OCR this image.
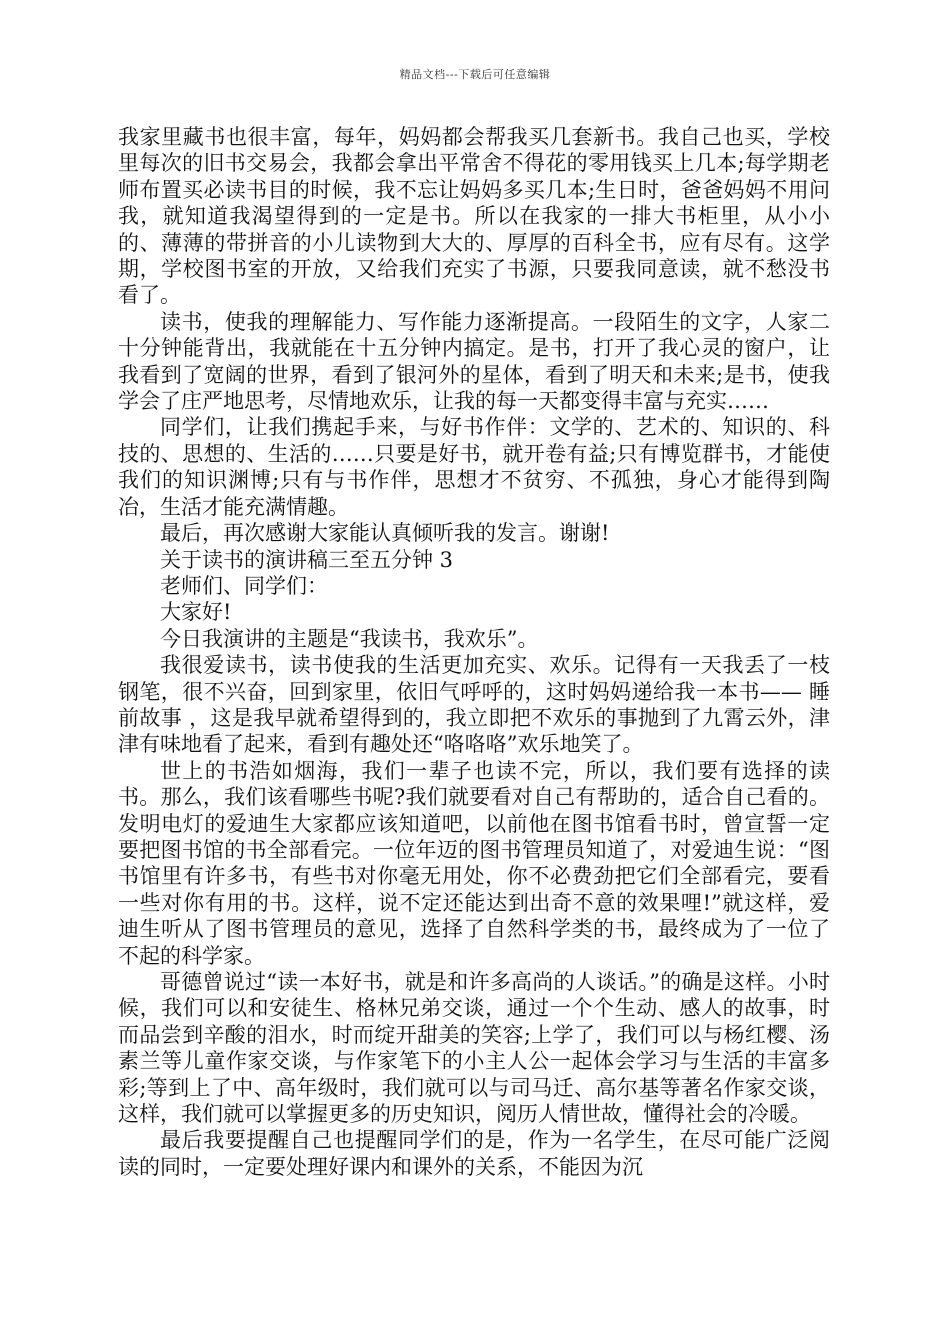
精品文档---下载后可任意编辑

我家里藏书也很丰富，每年，妈妈都会帮我买几套新书。我自己也买，学校里每次的旧书交易会，我都会拿出平常舍不得花的零用钱买上几本;每学期老师布置买必读书目的时候，我不忘让妈妈多买几本;生日时，爸爸妈妈不用问我，就知道我渴望得到的一定是书。所以在我家的一排大书柜里，从小小的、薄薄的带拼音的小儿读物到大大的、厚厚的百科全书，应有尽有。这学期，学校图书室的开放，又给我们充实了书源，只要我同意读，就不愁没书看了。

读书，使我的理解能力、写作能力逐渐提高。一段陌生的文字，人家二十分钟能背出，我就能在十五分钟内搞定。是书，打开了我心灵的窗户，让我看到了宽阔的世界，看到了银河外的星体，看到了明天和未来;是书，使我学会了庄严地思考，尽情地欢乐，让我的每一天都变得丰富与充实……

同学们，让我们携起手来，与好书作伴：文学的、艺术的、知识的、科技的、思想的、生活的……只要是好书，就开卷有益;只有博览群书，才能使我们的知识渊博;只有与书作伴，思想才不贫穷、不孤独，身心才能得到陶冶，生活才能充满情趣。

最后，再次感谢大家能认真倾听我的发言。谢谢!

关于读书的演讲稿三至五分钟 3

老师们、同学们：

大家好!

今日我演讲的主题是“我读书，我欢乐”。

我很爱读书，读书使我的生活更加充实、欢乐。记得有一天我丢了一枝钢笔，很不兴奋，回到家里，依旧气呼呼的，这时妈妈递给我一本书—— 睡前故事 ，这是我早就希望得到的，我立即把不欢乐的事抛到了九霄云外，津津有味地看了起来，看到有趣处还“咯咯咯”欢乐地笑了。

世上的书浩如烟海，我们一辈子也读不完，所以，我们要有选择的读书。那么，我们该看哪些书呢?我们就要看对自己有帮助的，适合自己看的。发明电灯的爱迪生大家都应该知道吧，以前他在图书馆看书时，曾宣誓一定要把图书馆的书全部看完。一位年迈的图书管理员知道了，对爱迪生说：“图书馆里有许多书，有些书对你毫无用处，你不必费劲把它们全部看完，要看一些对你有用的书。这样，说不定还能达到出奇不意的效果哩!”就这样，爱迪生听从了图书管理员的意见，选择了自然科学类的书，最终成为了一位了不起的科学家。

哥德曾说过“读一本好书，就是和许多高尚的人谈话。”的确是这样。小时候，我们可以和安徒生、格林兄弟交谈，通过一个个生动、感人的故事，时而品尝到辛酸的泪水，时而绽开甜美的笑容;上学了，我们可以与杨红樱、汤素兰等儿童作家交谈，与作家笔下的小主人公一起体会学习与生活的丰富多彩;等到上了中、高年级时，我们就可以与司马迁、高尔基等著名作家交谈，这样，我们就可以掌握更多的历史知识，阅历人情世故，懂得社会的冷暖。

最后我要提醒自己也提醒同学们的是，作为一名学生，在尽可能广泛阅读的同时，一定要处理好课内和课外的关系，不能因为沉
